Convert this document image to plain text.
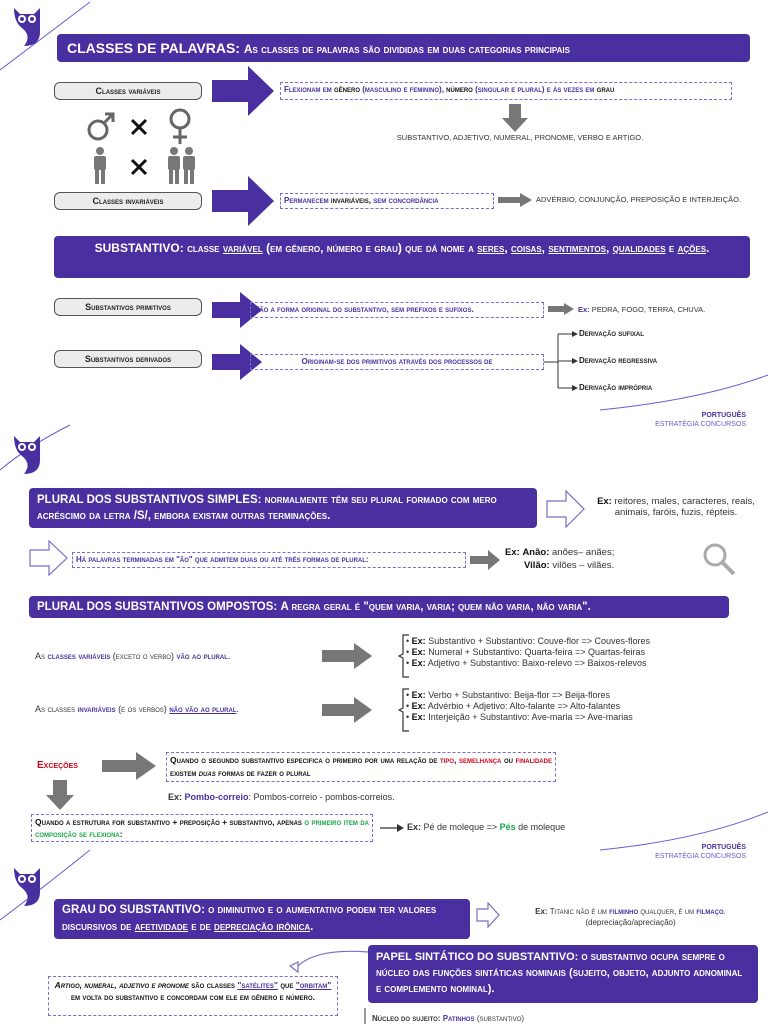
CLASSES DE PALAVRAS: As classes de palavras são divididas em duas categorias principais
Classes variáveis	Flexionam em gênero (masculino e feminino), número (singular e plural) e às vezes em grau
SUBSTANTIVO, ADJETIVO, NUMERAL, PRONOME, VERBO E ARTIGO.
Classes invariáveis	Permanecem invariáveis, sem concordância	ADVÉRBIO, CONJUNÇÃO, PREPOSIÇÃO E INTERJEIÇÃO.
SUBSTANTIVO: classe variável (em gênero, número e grau) que dá nome a seres, coisas, sentimentos, qualidades e ações.
Substantivos primitivos	São a forma original do substantivo, sem prefixos e sufixos.	Ex: PEDRA, FOGO, TERRA, CHUVA.
Substantivos derivados	Originam-se dos primitivos através dos processos de
Derivação sufixal
Derivação regressiva
Derivação imprópria
PORTUGUÊS
ESTRATÉGIA CONCURSOS
PLURAL DOS SUBSTANTIVOS SIMPLES: normalmente têm seu plural formado com mero acréscimo da letra /S/, embora existam outras terminações.
Ex: reitores, males, caracteres, reais, animais, faróis, fuzis, répteis.
Há palavras terminadas em "ão" que admitem duas ou até três formas de plural:
Ex: Anão: anões– anães;
Vilão: vilões – vilães.
PLURAL DOS SUBSTANTIVOS OMPOSTOS: A regra geral é "quem varia, varia; quem não varia, não varia".
As classes variáveis (exceto o verbo) vão ao plural.
• Ex: Substantivo + Substantivo: Couve-flor => Couves-flores
• Ex: Numeral + Substantivo: Quarta-feira => Quartas-feiras
• Ex: Adjetivo + Substantivo: Baixo-relevo => Baixos-relevos
As classes invariáveis (e os verbos) não vão ao plural.
• Ex: Verbo + Substantivo: Beija-flor => Beija-flores
• Ex: Advérbio + Adjetivo: Alto-falante => Alto-falantes
• Ex: Interjeição + Substantivo: Ave-maria => Ave-marias
Exceções	Quando o segundo substantivo especifica o primeiro por uma relação de tipo, semelhança ou finalidade existem duas formas de fazer o plural
Ex: Pombo-correio: Pombos-correio - pombos-correios.
Quando a estrutura for substantivo + preposição + substantivo, apenas o primeiro item da composição se flexiona:
Ex: Pé de moleque => Pés de moleque
PORTUGUÊS
ESTRATÉGIA CONCURSOS
GRAU DO SUBSTANTIVO: o diminutivo e o aumentativo podem ter valores discursivos de afetividade e de depreciação irônica.
Ex: Titanic não é um filminho qualquer, é um filmaço.
(depreciação/apreciação)
PAPEL SINTÁTICO DO SUBSTANTIVO: o substantivo ocupa sempre o núcleo das funções sintáticas nominais (sujeito, objeto, adjunto adnominal e complemento nominal).
Artigo, numeral, adjetivo e pronome são classes "satélites" que "orbitam" em volta do substantivo e concordam com ele em gênero e número.
Núcleo do sujeito: Patinhos (substantivo)
